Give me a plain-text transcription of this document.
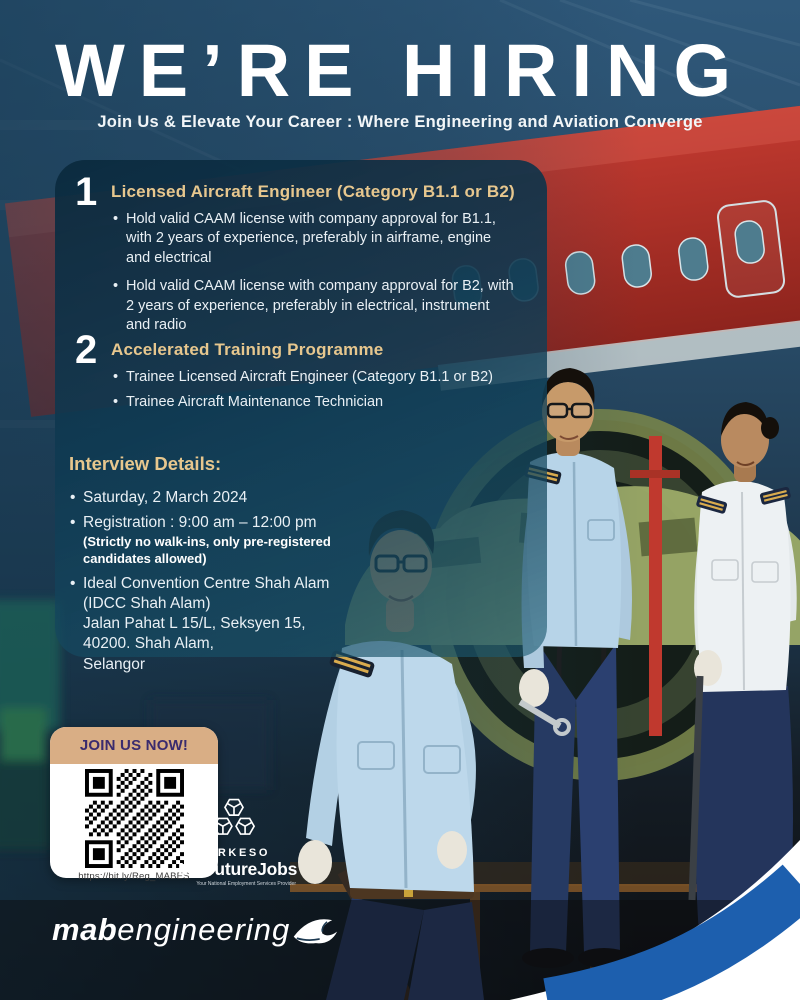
WE’RE HIRING
Join Us & Elevate Your Career : Where Engineering and Aviation Converge
1 Licensed Aircraft Engineer (Category B1.1 or B2)
• Hold valid CAAM license with company approval for B1.1, with 2 years of experience, preferably in airframe, engine and electrical
• Hold valid CAAM license with company approval for B2, with 2 years of experience, preferably in electrical, instrument and radio
2 Accelerated Training Programme
• Trainee Licensed Aircraft Engineer (Category B1.1 or B2)
• Trainee Aircraft Maintenance Technician
Interview Details:
• Saturday, 2 March 2024
• Registration : 9:00 am – 12:00 pm
(Strictly no walk-ins, only pre-registered candidates allowed)
• Ideal Convention Centre Shah Alam
(IDCC Shah Alam)
Jalan Pahat L 15/L, Seksyen 15,
40200. Shah Alam,
Selangor
JOIN US NOW!
https://bit.ly/Reg_MABES
PERKESO
MYFutureJobs
Your National Employment Services Provider
mab engineering
